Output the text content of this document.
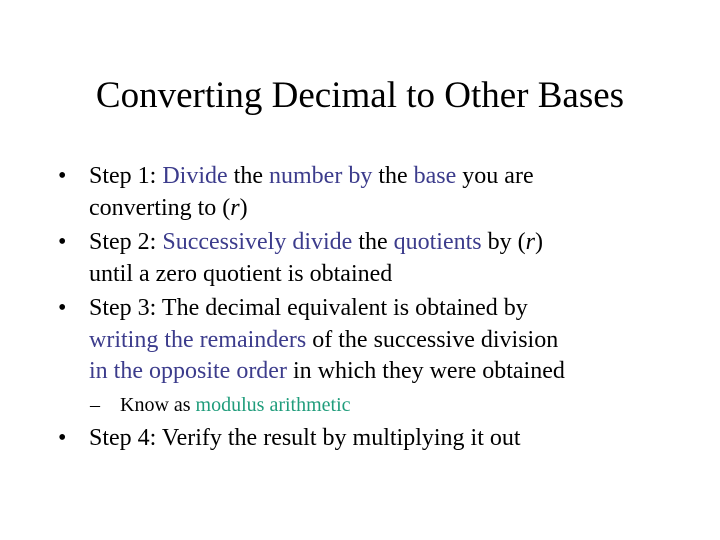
Converting Decimal to Other Bases
• Step 1: Divide the number by the base you are
converting to (r)
• Step 2: Successively divide the quotients by (r)
until a zero quotient is obtained
• Step 3: The decimal equivalent is obtained by
writing the remainders of the successive division
in the opposite order in which they were obtained
– Know as modulus arithmetic
• Step 4: Verify the result by multiplying it out
